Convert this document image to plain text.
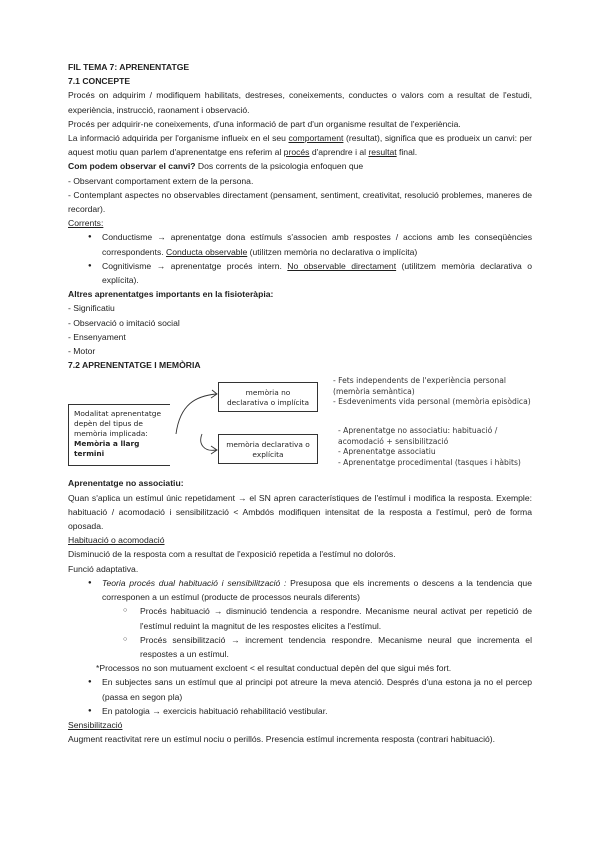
FIL TEMA 7: APRENENTATGE
7.1 CONCEPTE
Procés on adquirim / modifiquem habilitats, destreses, coneixements, conductes o valors com a resultat de l'estudi, experiència, instrucció, raonament i observació.
Procés per adquirir-ne coneixements, d'una informació de part d'un organisme resultat de l'experiència.
La informació adquirida per l'organisme influeix en el seu comportament (resultat), significa que es produeix un canvi: per aquest motiu quan parlem d'aprenentatge ens referim al procés d'aprendre i al resultat final.
Com podem observar el canvi? Dos corrents de la psicologia enfoquen que
- Observant comportament extern de la persona.
- Contemplant aspectes no observables directament (pensament, sentiment, creativitat, resolució problemes, maneres de recordar).
Corrents:
● Conductisme → aprenentatge dona estímuls s'associen amb respostes / accions amb les conseqüències correspondents. Conducta observable (utilitzen memòria no declarativa o implícita)
● Cognitivisme → aprenentatge procés intern. No observable directament (utilitzem memòria declarativa o explícita).
Altres aprenentatges importants en la fisioteràpia:
- Significatiu
- Observació o imitació social
- Ensenyament
- Motor
7.2 APRENENTATGE I MEMÒRIA
Modalitat aprenentatge
depèn del tipus de
memòria implicada:
Memòria a llarg termini
memòria no
declarativa o implícita
memòria declarativa o
explícita
- Fets independents de l'experiència personal
(memòria semàntica)
- Esdeveniments vida personal (memòria episòdica)
- Aprenentatge no associatiu: habituació /
acomodació + sensibilització
- Aprenentatge associatiu
- Aprenentatge procedimental (tasques i hàbits)
Aprenentatge no associatiu:
Quan s'aplica un estímul únic repetidament → el SN apren característiques de l'estímul i modifica la resposta. Exemple: habituació / acomodació i sensibilització < Ambdós modifiquen intensitat de la resposta a l'estímul, però de forma oposada.
Habituació o acomodació
Disminució de la resposta com a resultat de l'exposició repetida a l'estímul no dolorós.
Funció adaptativa.
● Teoria procés dual habituació i sensibilització : Presuposa que els increments o descens a la tendencia que corresponen a un estímul (producte de processos neurals diferents)
○ Procés habituació → disminució tendencia a respondre. Mecanisme neural activat per repetició de l'estímul reduint la magnitut de les respostes elicites a l'estímul.
○ Procés sensibilització → increment tendencia respondre. Mecanisme neural que incrementa el respostes a un estímul.
*Processos no son mutuament excloent < el resultat conductual depèn del que sigui més fort.
● En subjectes sans un estímul que al principi pot atreure la meva atenció. Després d'una estona ja no el percep (passa en segon pla)
● En patologia → exercicis habituació rehabilitació vestibular.
Sensibilització
Augment reactivitat rere un estímul nociu o perillós. Presencia estímul incrementa resposta (contrari habituació).
